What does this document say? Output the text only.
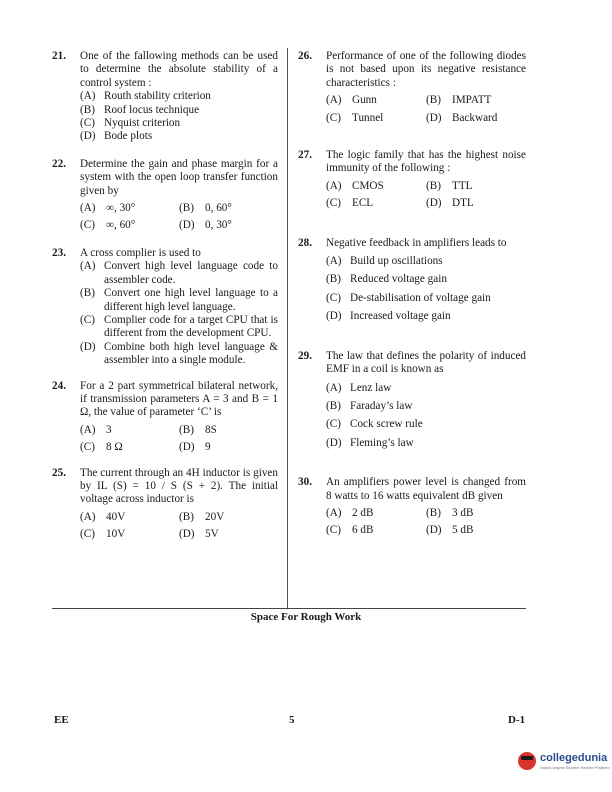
21. One of the fallowing methods can be used to determine the absolute stability of a control system :
(A) Routh stability criterion
(B) Roof locus technique
(C) Nyquist criterion
(D) Bode plots
22. Determine the gain and phase margin for a system with the open loop transfer function given by
(A) ∞, 30°	(B) 0, 60°
(C) ∞, 60°	(D) 0, 30°
23. A cross complier is used to
(A) Convert high level language code to assembler code.
(B) Convert one high level language to a different high level language.
(C) Complier code for a target CPU that is different from the development CPU.
(D) Combine both high level language & assembler into a single module.
24. For a 2 part symmetrical bilateral network, if transmission parameters A = 3 and B = 1 Ω, the value of parameter ‘C’ is
(A) 3	(B) 8S
(C) 8 Ω	(D) 9
25. The current through an 4H inductor is given by IL (S) = 10 / S (S + 2). The initial voltage across inductor is
(A) 40V	(B) 20V
(C) 10V	(D) 5V
26. Performance of one of the following diodes is not based upon its negative resistance characteristics :
(A) Gunn	(B) IMPATT
(C) Tunnel	(D) Backward
27. The logic family that has the highest noise immunity of the following :
(A) CMOS	(B) TTL
(C) ECL	(D) DTL
28. Negative feedback in amplifiers leads to
(A) Build up oscillations
(B) Reduced voltage gain
(C) De-stabilisation of voltage gain
(D) Increased voltage gain
29. The law that defines the polarity of induced EMF in a coil is known as
(A) Lenz law
(B) Faraday’s law
(C) Cock screw rule
(D) Fleming’s law
30. An amplifiers power level is changed from 8 watts to 16 watts equivalent dB given
(A) 2 dB	(B) 3 dB
(C) 6 dB	(D) 5 dB
Space For Rough Work
EE	5	D-1
collegedunia
India's largest Student Review Platform
